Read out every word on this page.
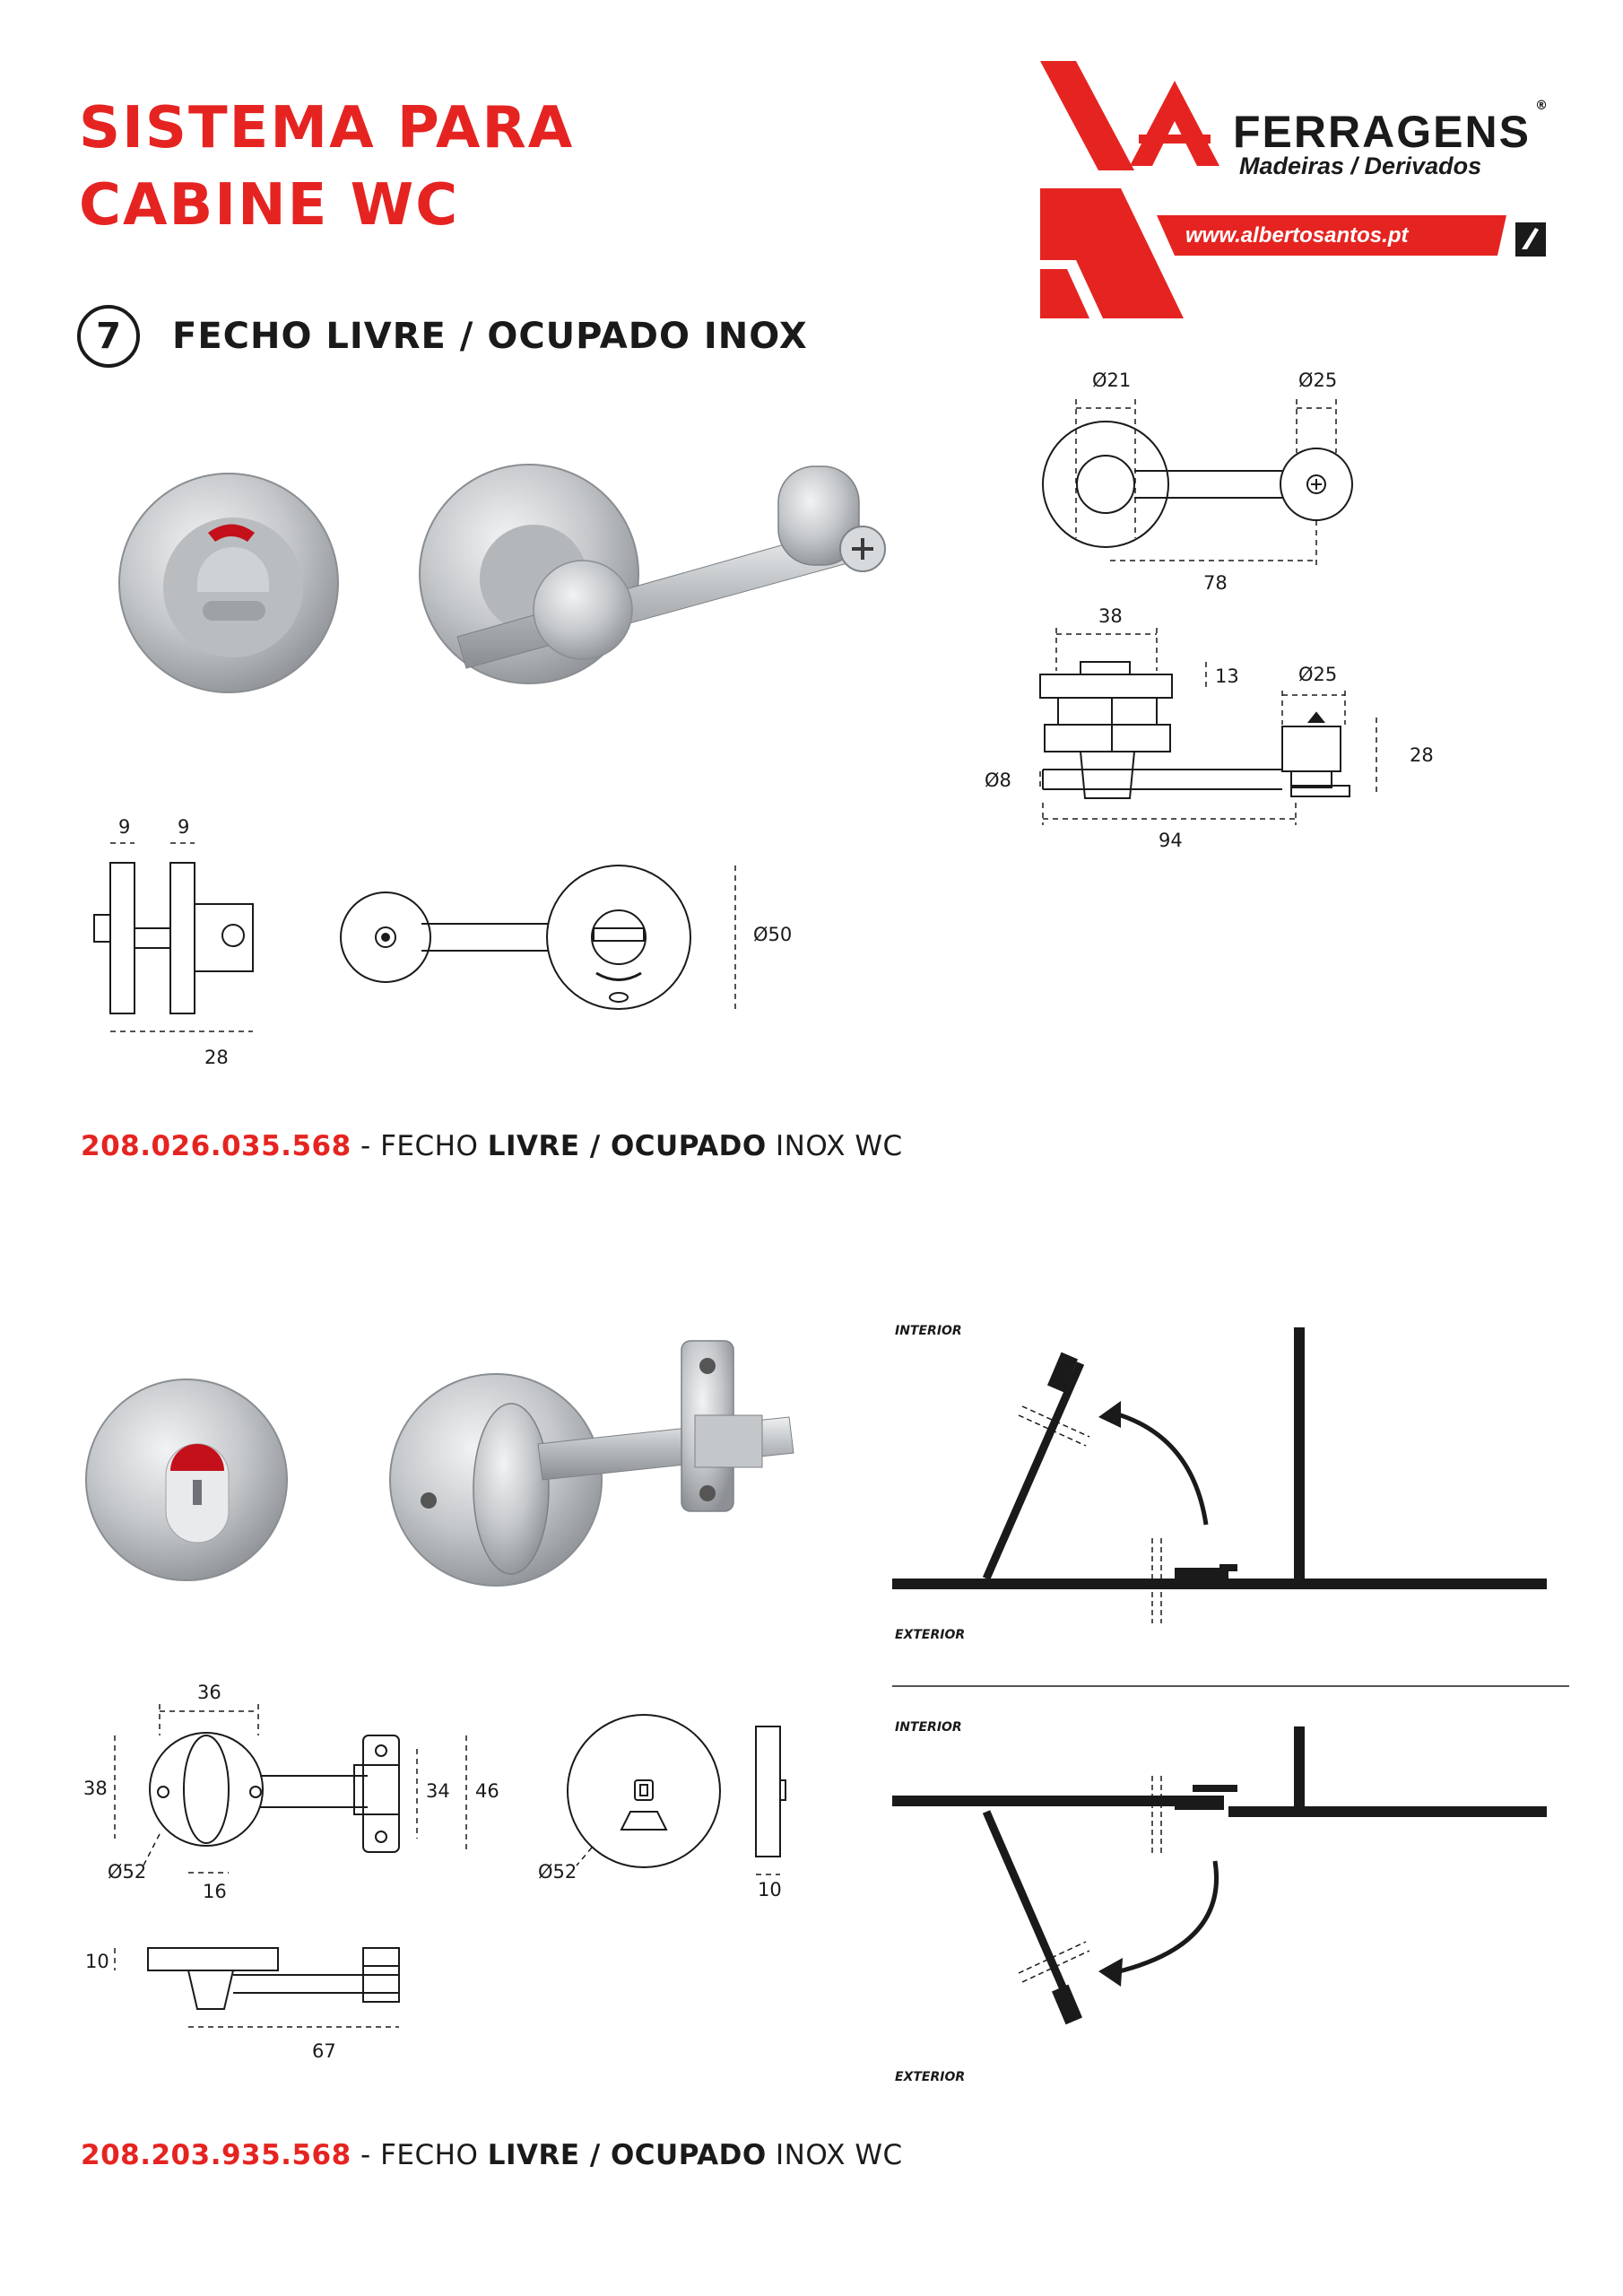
SISTEMA PARA
CABINE WC
FERRAGENS
®
Madeiras / Derivados
www.albertosantos.pt
7	FECHO LIVRE / OCUPADO INOX
Ø21	Ø25
78
38
13	Ø25
28
Ø8
94
9	9
28
Ø50
208.026.035.568 - FECHO LIVRE / OCUPADO INOX WC
INTERIOR
EXTERIOR
INTERIOR
EXTERIOR
36
38	34 46
Ø52
16
Ø52
10
10
67
208.203.935.568 - FECHO LIVRE / OCUPADO INOX WC
